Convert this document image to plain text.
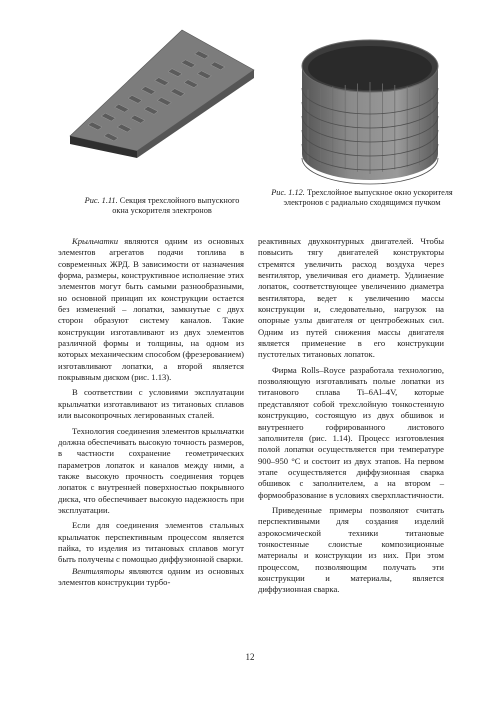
Рис. 1.11. Секция трехслойного выпускного окна ускорителя электронов
Рис. 1.12. Трехслойное выпускное окно ускорителя электронов с радиально сходящимся пучком

Крыльчатки являются одним из основных элементов агрегатов подачи топлива в современных ЖРД. В зависимости от назначения форма, размеры, конструктивное исполнение этих элементов могут быть самыми разнообразными, но основной принцип их конструкции остается без изменений – лопатки, замкнутые с двух сторон образуют систему каналов. Такие конструкции изготавливают из двух элементов различной формы и толщины, на одном из которых механическим способом (фрезерованием) изготавливают лопатки, а второй является покрывным диском (рис. 1.13).

В соответствии с условиями эксплуатации крыльчатки изготавливают из титановых сплавов или высокопрочных легированных сталей.

Технология соединения элементов крыльчатки должна обеспечивать высокую точность размеров, в частности сохранение геометрических параметров лопаток и каналов между ними, а также высокую прочность соединения торцев лопаток с внутренней поверхностью покрывного диска, что обеспечивает высокую надежность при эксплуатации.

Если для соединения элементов стальных крыльчаток перспективным процессом является пайка, то изделия из титановых сплавов могут быть получены с помощью диффузионной сварки.

Вентиляторы являются одним из основных элементов конструкции турбо-

реактивных двухконтурных двигателей. Чтобы повысить тягу двигателей конструкторы стремятся увеличить расход воздуха через вентилятор, увеличивая его диаметр. Удлинение лопаток, соответствующее увеличению диаметра вентилятора, ведет к увеличению массы конструкции и, следовательно, нагрузок на опорные узлы двигателя от центробежных сил. Одним из путей снижения массы двигателя является применение в его конструкции пустотелых титановых лопаток.

Фирма Rolls–Royce разработала технологию, позволяющую изготавливать полые лопатки из титанового сплава Ti–6Al–4V, которые представляют собой трехслойную тонкостенную конструкцию, состоящую из двух обшивок и внутреннего гофрированного листового заполнителя (рис. 1.14). Процесс изготовления полой лопатки осуществляется при температуре 900–950 °С и состоит из двух этапов. На первом этапе осуществляется диффузионная сварка обшивок с заполнителем, а на втором – формообразование в условиях сверхпластичности.

Приведенные примеры позволяют считать перспективными для создания изделий аэрокосмической техники титановые тонкостенные слоистые композиционные материалы и конструкции из них. При этом процессом, позволяющим получать эти конструкции и материалы, является диффузионная сварка.

12
